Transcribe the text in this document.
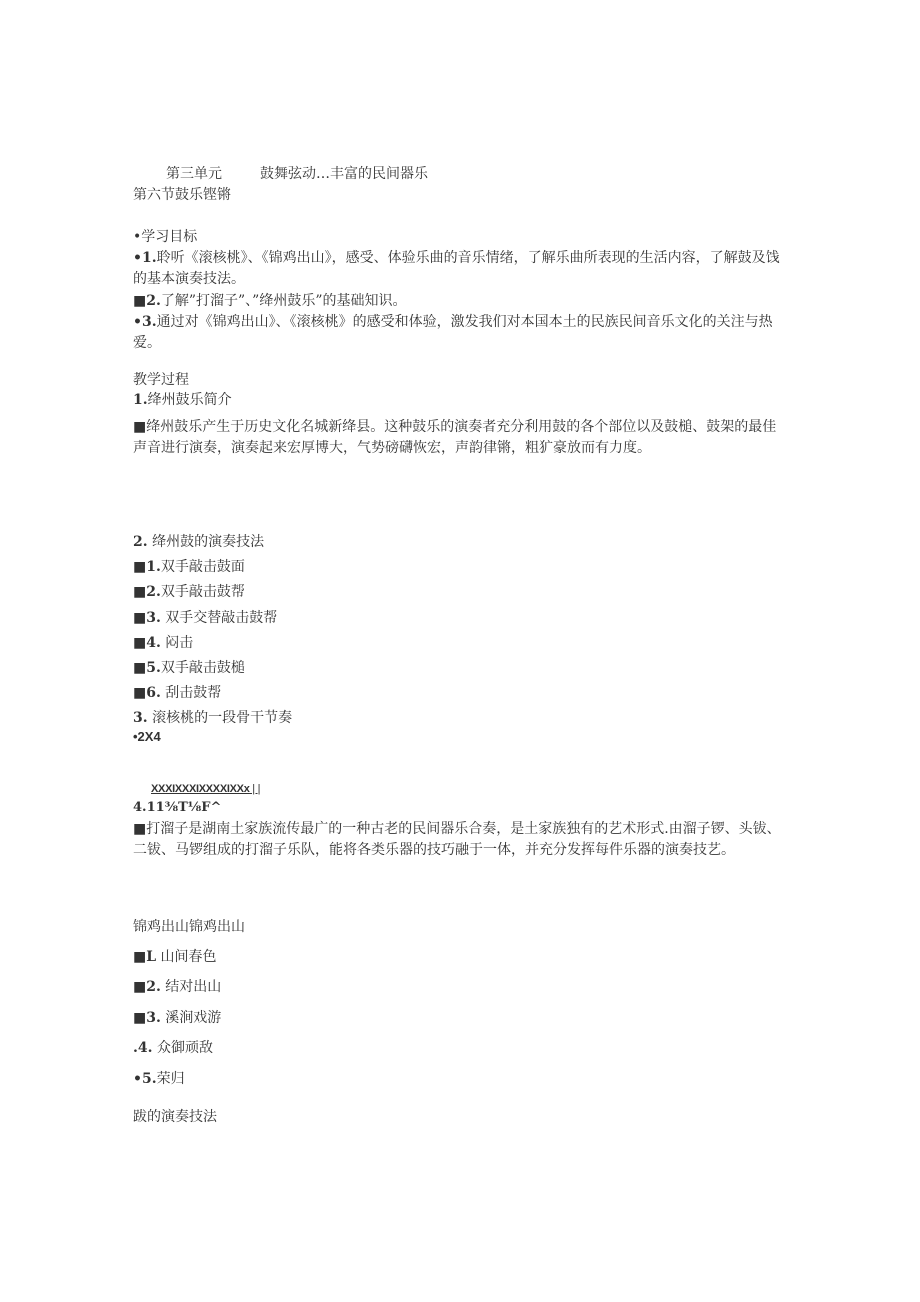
第三单元	鼓舞弦动…丰富的民间器乐
第六节鼓乐铿锵
•学习目标
•1.聆听《滚核桃》、《锦鸡出山》，感受、体验乐曲的音乐情绪，了解乐曲所表现的生活内容，了解鼓及饯的基本演奏技法。
■2.了解”打溜子”、”绛州鼓乐”的基础知识。
•3.通过对《锦鸡出山》、《滚核桃》的感受和体验，激发我们对本国本土的民族民间音乐文化的关注与热爱。
教学过程
1.绛州鼓乐简介
■绛州鼓乐产生于历史文化名城新绛县。这种鼓乐的演奏者充分利用鼓的各个部位以及鼓槌、鼓架的最佳声音进行演奏，演奏起来宏厚博大，气势磅礴恢宏，声韵律锵，粗犷豪放而有力度。
2. 绛州鼓的演奏技法
■1.双手敲击鼓面
■2.双手敲击鼓帮
■3. 双手交替敲击鼓帮
■4. 闷击
■5.双手敲击鼓槌
■6. 刮击鼓帮
3. 滚核桃的一段骨干节奏
•2X4
XXXIXXXIXXXXIXXx | |
4.11⅜T⅛F^
■打溜子是湖南土家族流传最广的一种古老的民间器乐合奏，是土家族独有的艺术形式.由溜子锣、头钹、二钹、马锣组成的打溜子乐队，能将各类乐器的技巧融于一体，并充分发挥每件乐器的演奏技艺。
锦鸡出山锦鸡出山
■L 山间春色
■2. 结对出山
■3. 溪涧戏游
.4. 众御顽敌
•5.荣归
跋的演奏技法
